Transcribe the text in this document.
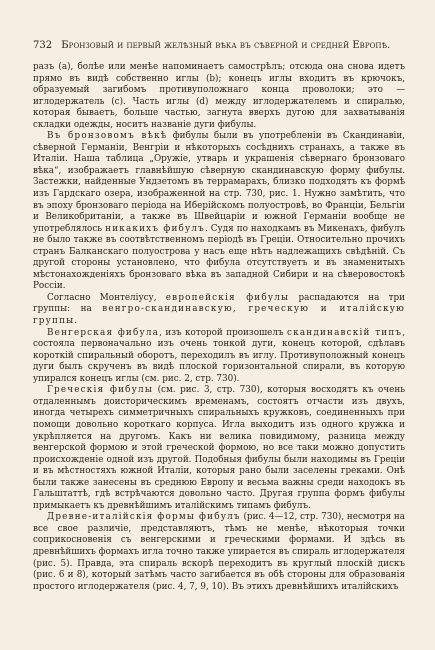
732 Бронзовый и первый желѣзный вѣка въ сѣверной и средней Европѣ.

разъ (a), болѣе или менѣе напоминаетъ самострѣлъ; отсюда она снова идетъ прямо въ видѣ собственно иглы (b); конецъ иглы входитъ въ крючокъ, образуемый загибомъ противуположнаго конца проволоки; это — иглодержатель (c). Часть иглы (d) между иглодержателемъ и спиралью, которая бываетъ, больше частью, загнута вверхъ дугою для захватыванія складки одежды, носитъ названіе дуги фибулы.

Въ бронзовомъ вѣкѣ фибулы были въ употребленіи въ Скандинавіи, сѣверной Германіи, Венгріи и нѣкоторыхъ сосѣднихъ странахъ, а также въ Италіи. Наша таблица „Оружіе, утварь и украшенія сѣвернаго бронзоваго вѣка“, изображаетъ главнѣйшую сѣверную скандинавскую форму фибулы. Застежки, найденные Ундзетомъ въ террамарахъ, близко подходятъ къ формѣ изъ Гардскаго озера, изображенной на стр. 730, рис. 1. Нужно замѣтить, что въ эпоху бронзоваго періода на Иберійскомъ полуостровѣ, во Франціи, Бельгіи и Великобританіи, а также въ Швейцаріи и южной Германіи вообще не употреблялось никакихъ фибулъ. Судя по находкамъ въ Микенахъ, фибулъ не было также въ соотвѣтственномъ періодѣ въ Греціи. Относительно прочихъ странъ Балканскаго полуострова у насъ еще нѣтъ надлежащихъ свѣдѣній. Съ другой стороны установлено, что фибула отсутствуетъ и въ знаменитыхъ мѣстонахожденіяхъ бронзоваго вѣка въ западной Сибири и на сѣверовостокѣ Россіи.

Согласно Монтеліусу, европейскія фибулы распадаются на три группы: на венгро-скандинавскую, греческую и италійскую группы.

Венгерская фибула, изъ которой произошелъ скандинавскій типъ, состояла первоначально изъ очень тонкой дуги, конецъ которой, сдѣлавъ короткій спиральный оборотъ, переходилъ въ иглу. Противуположный конецъ дуги былъ скрученъ въ видѣ плоской горизонтальной спирали, въ которую упирался конецъ иглы (см. рис. 2, стр. 730).

Греческія фибулы (см. рис. 3, стр. 730), которыя восходятъ къ очень отдаленнымъ доисторическимъ временамъ, состоятъ отчасти изъ двухъ, иногда четырехъ симметричныхъ спиральныхъ кружковъ, соединенныхъ при помощи довольно короткаго корпуса. Игла выходитъ изъ одного кружка и укрѣпляется на другомъ. Какъ ни велика повидимому, разница между венгерской формою и этой греческой формою, но все таки можно допустить происхожденіе одной изъ другой. Подобныя фибулы были находимы въ Греціи и въ мѣстностяхъ южной Италіи, которыя рано были заселены греками. Онѣ были также занесены въ среднюю Европу и весьма важны среди находокъ въ Гальштаттѣ, гдѣ встрѣчаются довольно часто. Другая группа формъ фибулы примыкаетъ къ древнѣйшимъ италійскимъ типамъ фибулъ.

Древне-италійскія формы фибулъ (рис. 4—12, стр. 730), несмотря на все свое различіе, представляютъ, тѣмъ не менѣе, нѣкоторыя точки соприкосновенія съ венгерскими и греческими формами. И здѣсь въ древнѣйшихъ формахъ игла точно также упирается въ спираль иглодержателя (рис. 5). Правда, эта спираль вскорѣ переходитъ въ круглый плоскій дискъ (рис. 6 и 8), который затѣмъ часто загибается въ обѣ стороны для образованія простого иглодержателя (рис. 4, 7, 9, 10). Въ этихъ древнѣйшихъ италійскихъ
